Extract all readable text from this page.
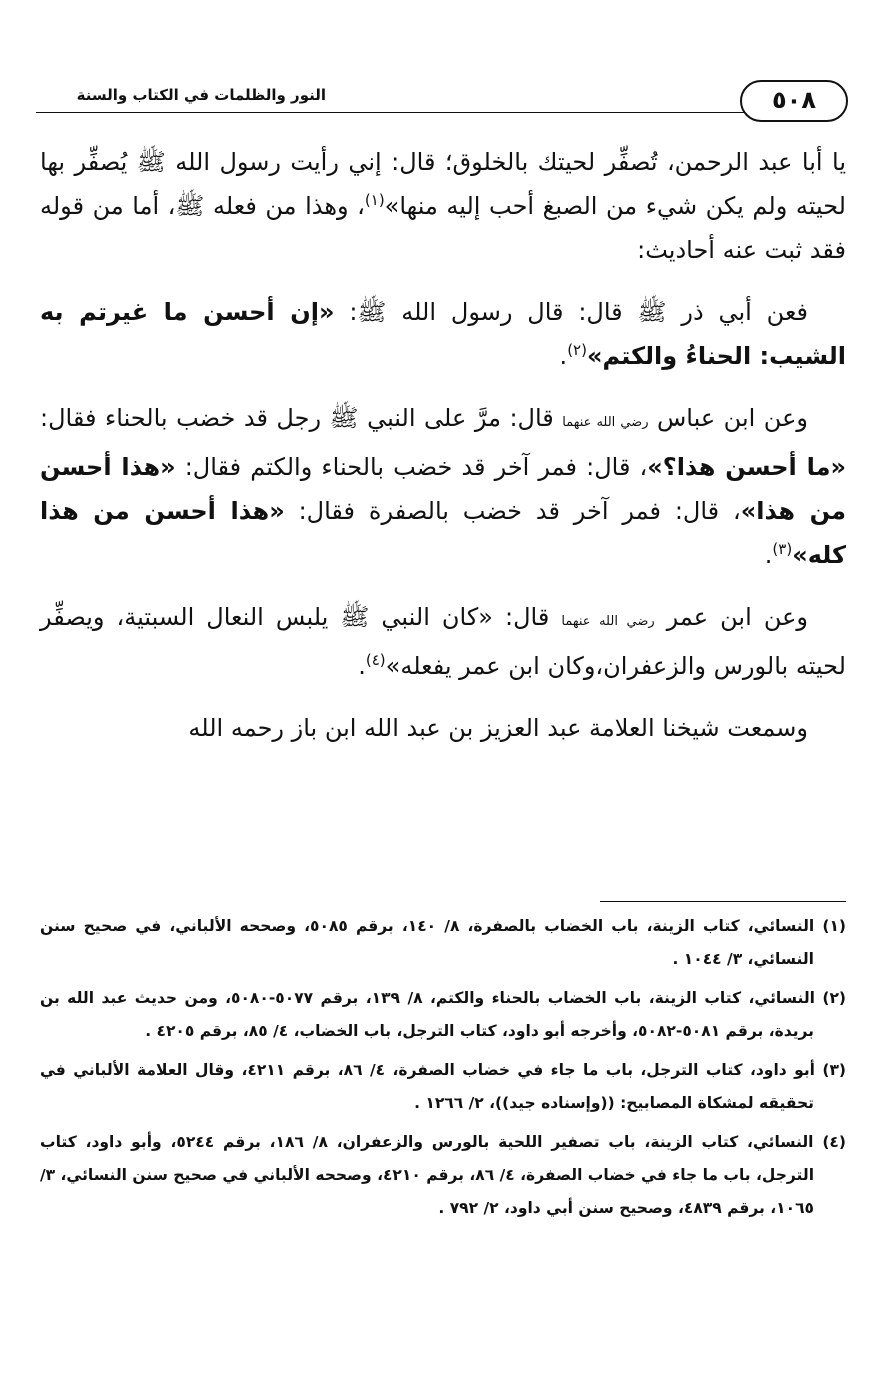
٥٠٨
النور والظلمات في الكتاب والسنة

يا أبا عبد الرحمن، تُصفِّر لحيتك بالخلوق؛ قال: إني رأيت رسول الله ﷺ يُصفِّر بها لحيته ولم يكن شيء من الصبغ أحب إليه منها»$^{(١)}$، وهذا من فعله ﷺ، أما من قوله فقد ثبت عنه أحاديث:

فعن أبي ذر ﷺ قال: قال رسول الله ﷺ: «إن أحسن ما غيرتم به الشيب: الحناءُ والكتم»$^{(٢)}$.

وعن ابن عباس رضي الله عنهما قال: مرَّ على النبي ﷺ رجل قد خضب بالحناء فقال: «ما أحسن هذا؟»، قال: فمر آخر قد خضب بالحناء والكتم فقال: «هذا أحسن من هذا»، قال: فمر آخر قد خضب بالصفرة فقال: «هذا أحسن من هذا كله»$^{(٣)}$.

وعن ابن عمر رضي الله عنهما قال: «كان النبي ﷺ يلبس النعال السبتية، ويصفِّر لحيته بالورس والزعفران،وكان ابن عمر يفعله»$^{(٤)}$.

وسمعت شيخنا العلامة عبد العزيز بن عبد الله ابن باز رحمه الله

(١) النسائي، كتاب الزينة، باب الخضاب بالصفرة، ٨/ ١٤٠، برقم ٥٠٨٥، وصححه الألباني، في صحيح سنن النسائي، ٣/ ١٠٤٤ .

(٢) النسائي، كتاب الزينة، باب الخضاب بالحناء والكتم، ٨/ ١٣٩، برقم ٥٠٧٧-٥٠٨٠، ومن حديث عبد الله بن بريدة، برقم ٥٠٨١-٥٠٨٢، وأخرجه أبو داود، كتاب الترجل، باب الخضاب، ٤/ ٨٥، برقم ٤٢٠٥ .

(٣) أبو داود، كتاب الترجل، باب ما جاء في خضاب الصفرة، ٤/ ٨٦، برقم ٤٢١١، وقال العلامة الألباني في تحقيقه لمشكاة المصابيح: ((وإسناده جيد))، ٢/ ١٢٦٦ .

(٤) النسائي، كتاب الزينة، باب تصفير اللحية بالورس والزعفران، ٨/ ١٨٦، برقم ٥٢٤٤، وأبو داود، كتاب الترجل، باب ما جاء في خضاب الصفرة، ٤/ ٨٦، برقم ٤٢١٠، وصححه الألباني في صحيح سنن النسائي، ٣/ ١٠٦٥، برقم ٤٨٣٩، وصحيح سنن أبي داود، ٢/ ٧٩٢ .
